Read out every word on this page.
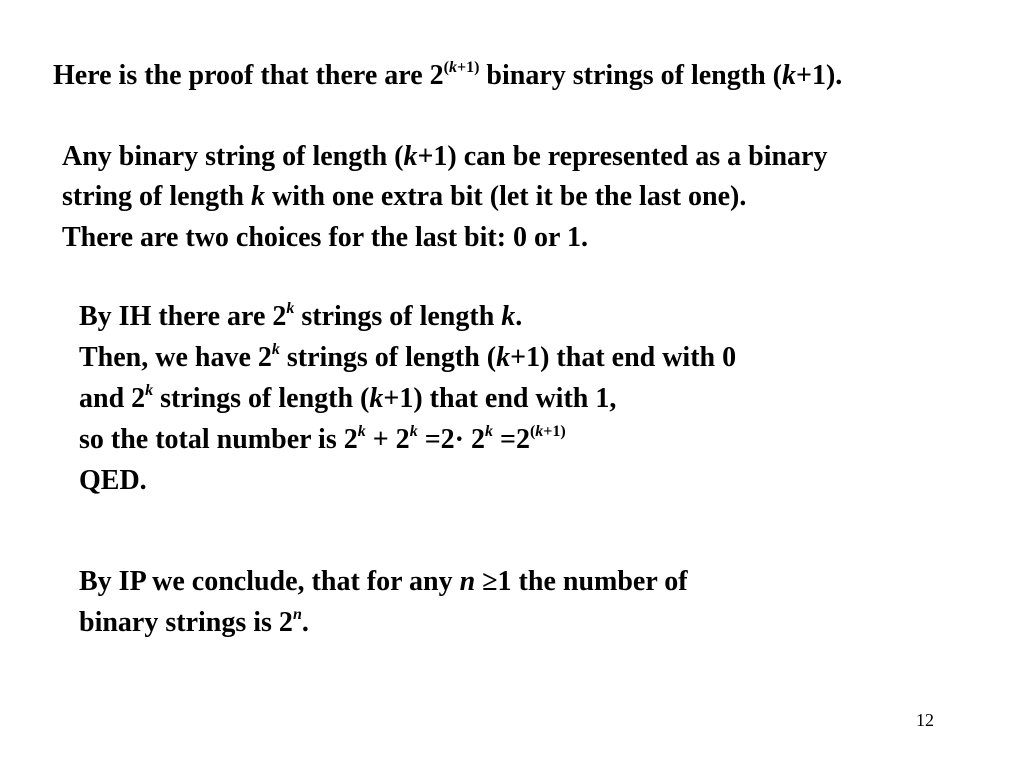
Here is the proof that there are $2^{(k+1)}$ binary strings of length (k+1).
Any binary string of length (k+1) can be represented as a binary
string of length k with one extra bit (let it be the last one).
There are two choices for the last bit: 0 or 1.
By IH there are 2$^k$ strings of length k.
Then, we have 2$^k$ strings of length (k+1) that end with 0
and 2$^k$ strings of length (k+1) that end with 1,
so the total number is $2^k + 2^k =2\cdot 2^k =2^{(k+1)}$
QED.
By IP we conclude, that for any n ≥1 the number of
binary strings is 2$^n$.
12
